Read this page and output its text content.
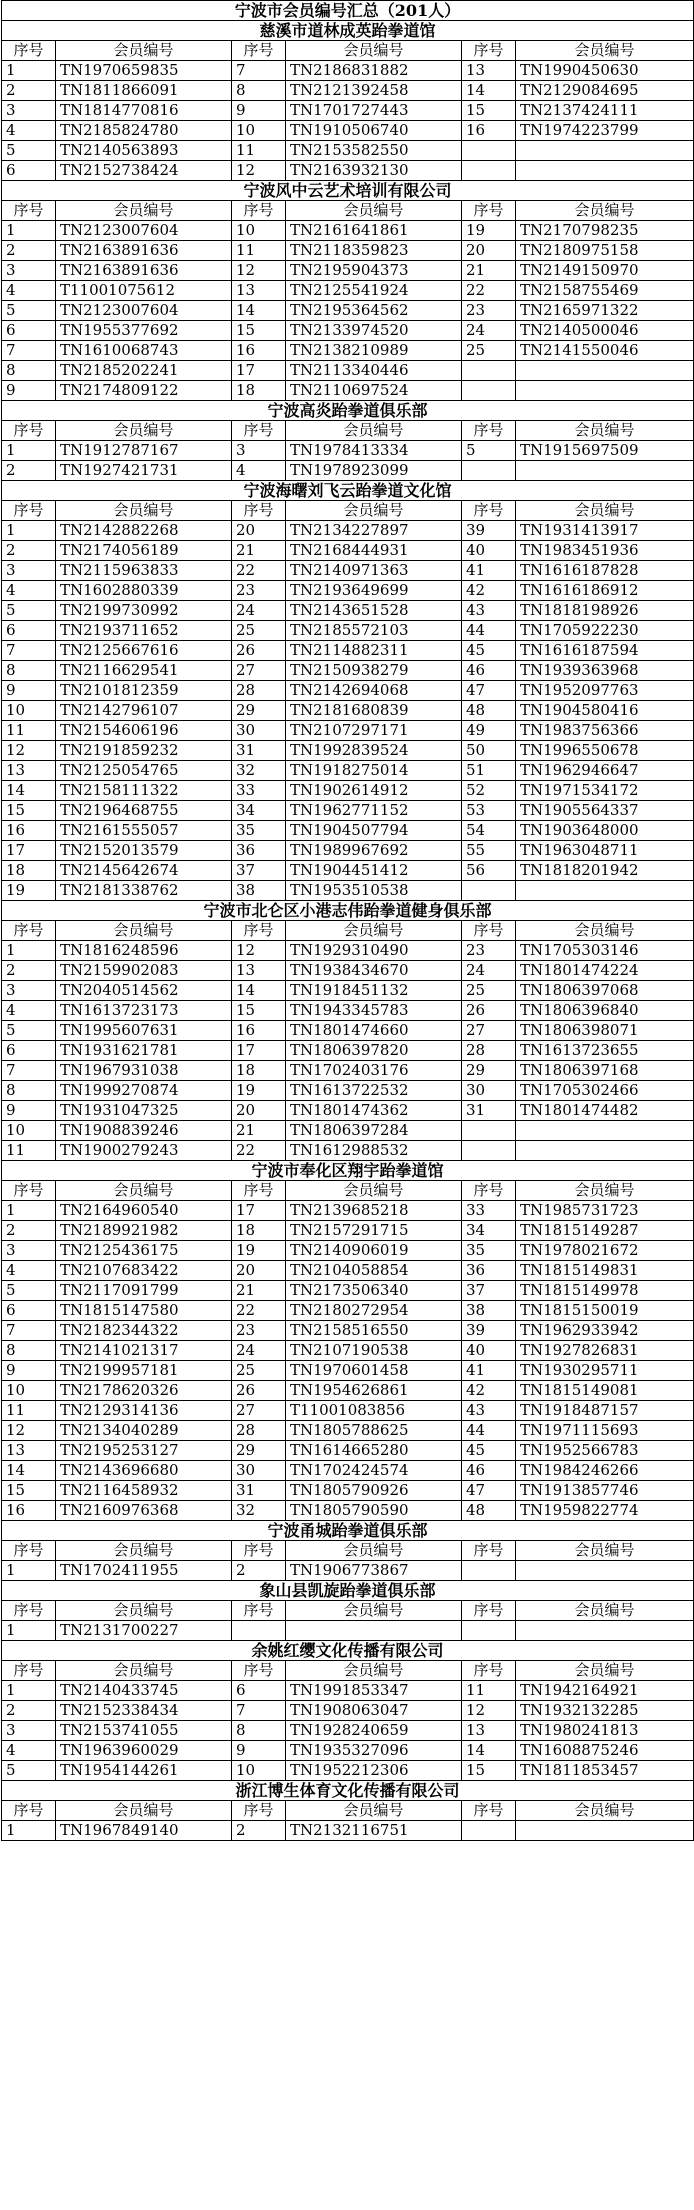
宁波市会员编号汇总（201人）					
慈溪市道林成英跆拳道馆					
序号	会员编号	序号	会员编号	序号	会员编号
1	TN1970659835	7	TN2186831882	13	TN1990450630
2	TN1811866091	8	TN2121392458	14	TN2129084695
3	TN1814770816	9	TN1701727443	15	TN2137424111
4	TN2185824780	10	TN1910506740	16	TN1974223799
5	TN2140563893	11	TN2153582550		
6	TN2152738424	12	TN2163932130		
宁波风中云艺术培训有限公司					
序号	会员编号	序号	会员编号	序号	会员编号
1	TN2123007604	10	TN2161641861	19	TN2170798235
2	TN2163891636	11	TN2118359823	20	TN2180975158
3	TN2163891636	12	TN2195904373	21	TN2149150970
4	T11001075612	13	TN2125541924	22	TN2158755469
5	TN2123007604	14	TN2195364562	23	TN2165971322
6	TN1955377692	15	TN2133974520	24	TN2140500046
7	TN1610068743	16	TN2138210989	25	TN2141550046
8	TN2185202241	17	TN2113340446		
9	TN2174809122	18	TN2110697524		
宁波高炎跆拳道俱乐部					
序号	会员编号	序号	会员编号	序号	会员编号
1	TN1912787167	3	TN1978413334	5	TN1915697509
2	TN1927421731	4	TN1978923099		
宁波海曙刘飞云跆拳道文化馆					
序号	会员编号	序号	会员编号	序号	会员编号
1	TN2142882268	20	TN2134227897	39	TN1931413917
2	TN2174056189	21	TN2168444931	40	TN1983451936
3	TN2115963833	22	TN2140971363	41	TN1616187828
4	TN1602880339	23	TN2193649699	42	TN1616186912
5	TN2199730992	24	TN2143651528	43	TN1818198926
6	TN2193711652	25	TN2185572103	44	TN1705922230
7	TN2125667616	26	TN2114882311	45	TN1616187594
8	TN2116629541	27	TN2150938279	46	TN1939363968
9	TN2101812359	28	TN2142694068	47	TN1952097763
10	TN2142796107	29	TN2181680839	48	TN1904580416
11	TN2154606196	30	TN2107297171	49	TN1983756366
12	TN2191859232	31	TN1992839524	50	TN1996550678
13	TN2125054765	32	TN1918275014	51	TN1962946647
14	TN2158111322	33	TN1902614912	52	TN1971534172
15	TN2196468755	34	TN1962771152	53	TN1905564337
16	TN2161555057	35	TN1904507794	54	TN1903648000
17	TN2152013579	36	TN1989967692	55	TN1963048711
18	TN2145642674	37	TN1904451412	56	TN1818201942
19	TN2181338762	38	TN1953510538		
宁波市北仑区小港志伟跆拳道健身俱乐部					
序号	会员编号	序号	会员编号	序号	会员编号
1	TN1816248596	12	TN1929310490	23	TN1705303146
2	TN2159902083	13	TN1938434670	24	TN1801474224
3	TN2040514562	14	TN1918451132	25	TN1806397068
4	TN1613723173	15	TN1943345783	26	TN1806396840
5	TN1995607631	16	TN1801474660	27	TN1806398071
6	TN1931621781	17	TN1806397820	28	TN1613723655
7	TN1967931038	18	TN1702403176	29	TN1806397168
8	TN1999270874	19	TN1613722532	30	TN1705302466
9	TN1931047325	20	TN1801474362	31	TN1801474482
10	TN1908839246	21	TN1806397284		
11	TN1900279243	22	TN1612988532		
宁波市奉化区翔宇跆拳道馆					
序号	会员编号	序号	会员编号	序号	会员编号
1	TN2164960540	17	TN2139685218	33	TN1985731723
2	TN2189921982	18	TN2157291715	34	TN1815149287
3	TN2125436175	19	TN2140906019	35	TN1978021672
4	TN2107683422	20	TN2104058854	36	TN1815149831
5	TN2117091799	21	TN2173506340	37	TN1815149978
6	TN1815147580	22	TN2180272954	38	TN1815150019
7	TN2182344322	23	TN2158516550	39	TN1962933942
8	TN2141021317	24	TN2107190538	40	TN1927826831
9	TN2199957181	25	TN1970601458	41	TN1930295711
10	TN2178620326	26	TN1954626861	42	TN1815149081
11	TN2129314136	27	T11001083856	43	TN1918487157
12	TN2134040289	28	TN1805788625	44	TN1971115693
13	TN2195253127	29	TN1614665280	45	TN1952566783
14	TN2143696680	30	TN1702424574	46	TN1984246266
15	TN2116458932	31	TN1805790926	47	TN1913857746
16	TN2160976368	32	TN1805790590	48	TN1959822774
宁波甬城跆拳道俱乐部					
序号	会员编号	序号	会员编号	序号	会员编号
1	TN1702411955	2	TN1906773867		
象山县凯旋跆拳道俱乐部					
序号	会员编号	序号	会员编号	序号	会员编号
1	TN2131700227				
余姚红缨文化传播有限公司					
序号	会员编号	序号	会员编号	序号	会员编号
1	TN2140433745	6	TN1991853347	11	TN1942164921
2	TN2152338434	7	TN1908063047	12	TN1932132285
3	TN2153741055	8	TN1928240659	13	TN1980241813
4	TN1963960029	9	TN1935327096	14	TN1608875246
5	TN1954144261	10	TN1952212306	15	TN1811853457
浙江博生体育文化传播有限公司					
序号	会员编号	序号	会员编号	序号	会员编号
1	TN1967849140	2	TN2132116751		
